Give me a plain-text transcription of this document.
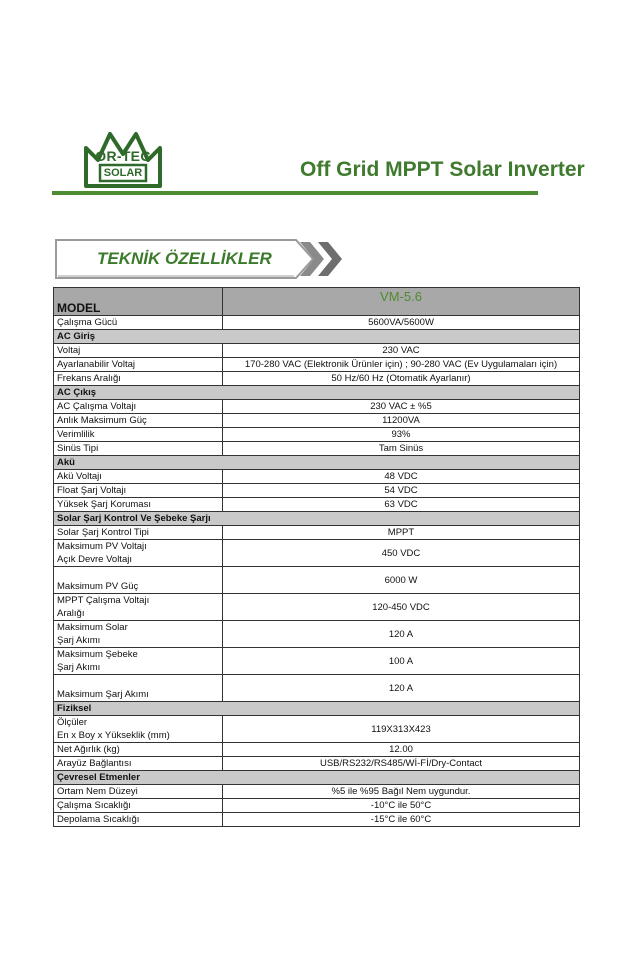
OR-TEC
SOLAR	Off Grid MPPT Solar Inverter
TEKNİK ÖZELLİKLER
MODEL	VM-5.6
Çalışma Gücü	5600VA/5600W
AC Giriş	
Voltaj	230 VAC
Ayarlanabilir Voltaj	170-280 VAC (Elektronik Ürünler için) ; 90-280 VAC (Ev Uygulamaları için)
Frekans Aralığı	50 Hz/60 Hz (Otomatik Ayarlanır)
AC Çıkış	
AC Çalışma Voltajı	230 VAC ± %5
Anlık Maksimum Güç	11200VA
Verimlilik	93%
Sinüs Tipi	Tam Sinüs
Akü	
Akü Voltajı	48 VDC
Float Şarj Voltajı	54 VDC
Yüksek Şarj Koruması	63 VDC
Solar Şarj Kontrol Ve Şebeke Şarjı	
Solar Şarj Kontrol Tipi	MPPT

Maksimum PV Voltajı
Açık Devre Voltajı	450 VDC

Maksimum PV Güç	6000 W

MPPT Çalışma Voltajı
Aralığı	120-450 VDC

Maksimum Solar
Şarj Akımı	120 A

Maksimum Şebeke
Şarj Akımı	100 A

Maksimum Şarj Akımı	120 A
Fiziksel	

Ölçüler
En x Boy x Yükseklik (mm)	119X313X423
Net Ağırlık (kg)	12.00
Arayüz Bağlantısı	USB/RS232/RS485/Wİ-Fİ/Dry-Contact
Çevresel Etmenler	
Ortam Nem Düzeyi	%5 ile %95 Bağıl Nem uygundur.
Çalışma Sıcaklığı	-10°C ile 50°C
Depolama Sıcaklığı	-15°C ile 60°C
